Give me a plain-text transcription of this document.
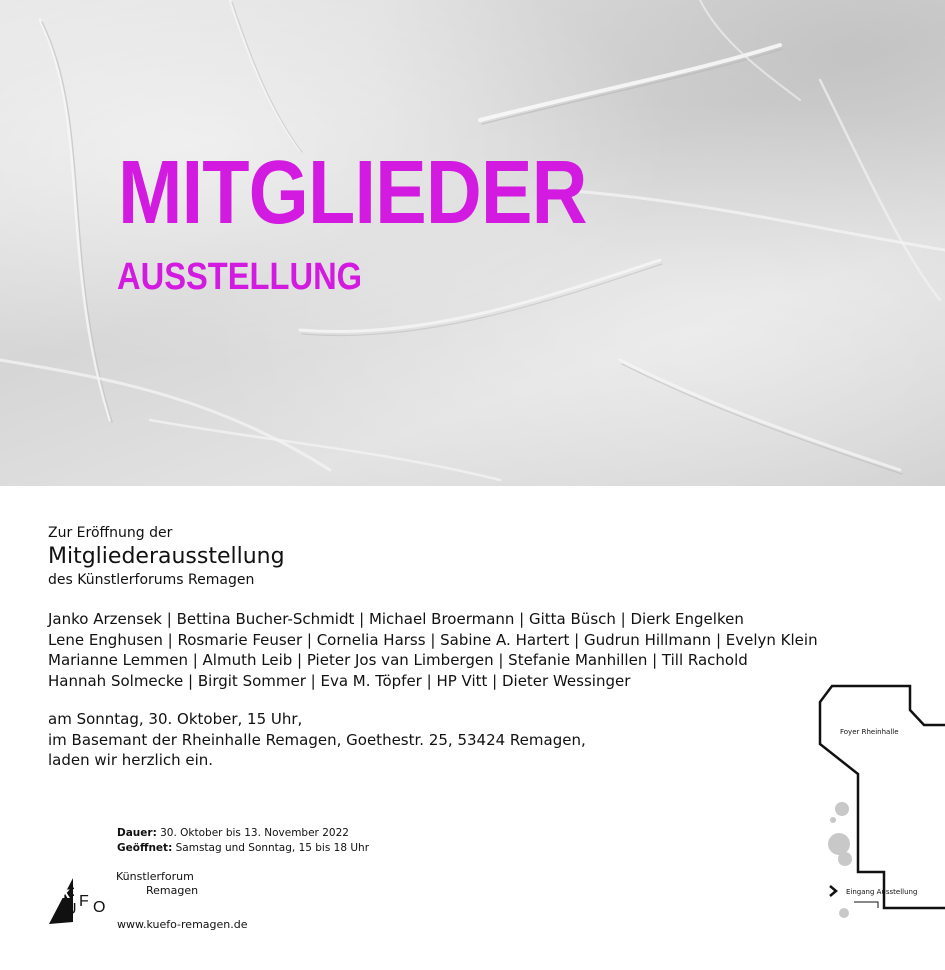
MITGLIEDER
AUSSTELLUNG
Zur Eröffnung der
Mitgliederausstellung
des Künstlerforums Remagen
Janko Arzensek | Bettina Bucher-Schmidt | Michael Broermann | Gitta Büsch | Dierk Engelken
Lene Enghusen | Rosmarie Feuser | Cornelia Harss | Sabine A. Hartert | Gudrun Hillmann | Evelyn Klein
Marianne Lemmen | Almuth Leib | Pieter Jos van Limbergen | Stefanie Manhillen | Till Rachold
Hannah Solmecke | Birgit Sommer | Eva M. Töpfer | HP Vitt | Dieter Wessinger
am Sonntag, 30. Oktober, 15 Uhr,
im Basemant der Rheinhalle Remagen, Goethestr. 25, 53424 Remagen,
laden wir herzlich ein.
Dauer: 30. Oktober bis 13. November 2022
Geöffnet: Samstag und Sonntag, 15 bis 18 Uhr
k :
U F O
Künstlerforum
Remagen
www.kuefo-remagen.de
Foyer Rheinhalle
Eingang Ausstellung
